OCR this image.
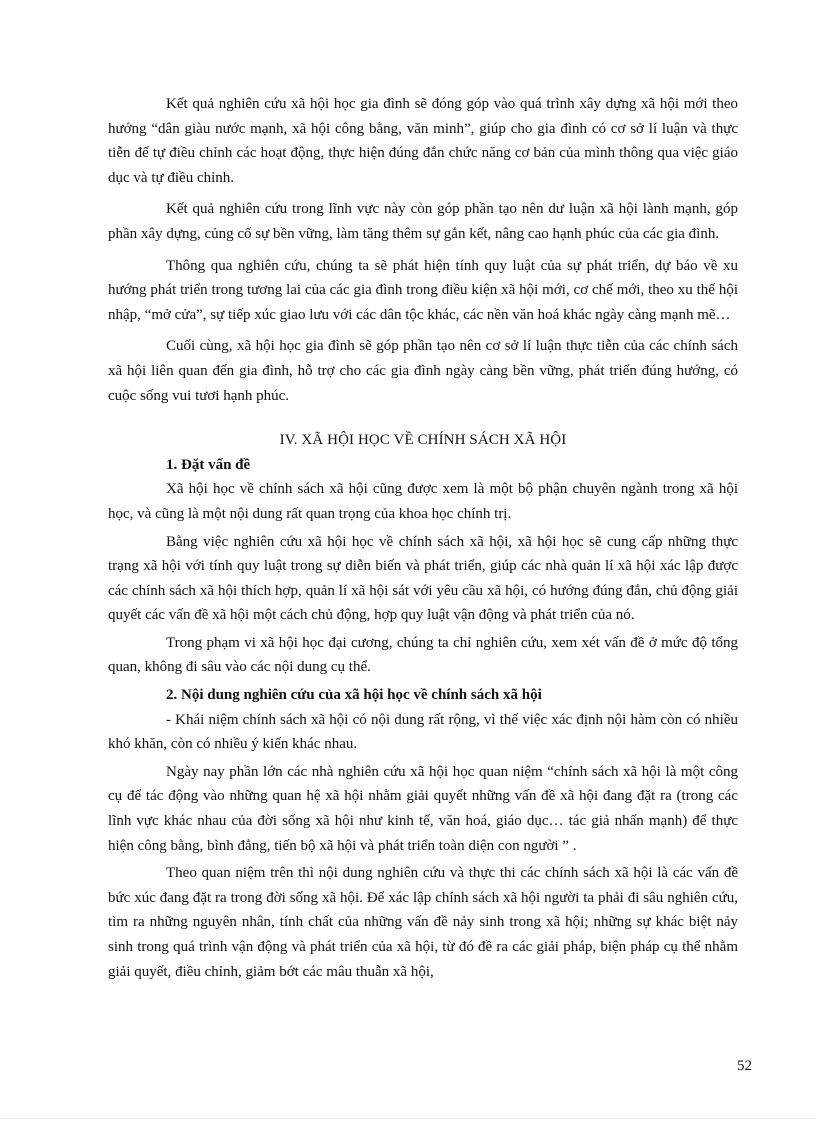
Kết quả nghiên cứu xã hội học gia đình sẽ đóng góp vào quá trình xây dựng xã hội mới theo hướng “dân giàu nước mạnh, xã hội công bằng, văn minh”, giúp cho gia đình có cơ sở lí luận và thực tiễn để tự điều chỉnh các hoạt động, thực hiện đúng đắn chức năng cơ bản của mình thông qua việc giáo dục và tự điều chỉnh.

Kết quả nghiên cứu trong lĩnh vực này còn góp phần tạo nên dư luận xã hội lành mạnh, góp phần xây dựng, củng cố sự bền vững, làm tăng thêm sự gắn kết, nâng cao hạnh phúc của các gia đình.

Thông qua nghiên cứu, chúng ta sẽ phát hiện tính quy luật của sự phát triển, dự báo về xu hướng phát triển trong tương lai của các gia đình trong điều kiện xã hội mới, cơ chế mới, theo xu thế hội nhập, “mở cửa”, sự tiếp xúc giao lưu với các dân tộc khác, các nền văn hoá khác ngày càng mạnh mẽ…

Cuối cùng, xã hội học gia đình sẽ góp phần tạo nên cơ sở lí luận thực tiễn của các chính sách xã hội liên quan đến gia đình, hỗ trợ cho các gia đình ngày càng bền vững, phát triển đúng hướng, có cuộc sống vui tươi hạnh phúc.

IV. XÃ HỘI HỌC VỀ CHÍNH SÁCH XÃ HỘI
1. Đặt vấn đề

Xã hội học về chính sách xã hội cũng được xem là một bộ phận chuyên ngành trong xã hội học, và cũng là một nội dung rất quan trọng của khoa học chính trị.

Bằng việc nghiên cứu xã hội học về chính sách xã hội, xã hội học sẽ cung cấp những thực trạng xã hội với tính quy luật trong sự diễn biến và phát triển, giúp các nhà quản lí xã hội xác lập được các chính sách xã hội thích hợp, quản lí xã hội sát với yêu cầu xã hội, có hướng đúng đắn, chủ động giải quyết các vấn đề xã hội một cách chủ động, hợp quy luật vận động và phát triển của nó.

Trong phạm vi xã hội học đại cương, chúng ta chỉ nghiên cứu, xem xét vấn đề ở mức độ tổng quan, không đi sâu vào các nội dung cụ thể.

2. Nội dung nghiên cứu của xã hội học về chính sách xã hội

- Khái niệm chính sách xã hội có nội dung rất rộng, vì thế việc xác định nội hàm còn có nhiều khó khăn, còn có nhiều ý kiến khác nhau.

Ngày nay phần lớn các nhà nghiên cứu xã hội học quan niệm “chính sách xã hội là một công cụ để tác động vào những quan hệ xã hội nhằm giải quyết những vấn đề xã hội đang đặt ra (trong các lĩnh vực khác nhau của đời sống xã hội như kinh tế, văn hoá, giáo dục… tác giả nhấn mạnh) để thực hiện công bằng, bình đẳng, tiến bộ xã hội và phát triển toàn diện con người ” .

Theo quan niệm trên thì nội dung nghiên cứu và thực thi các chính sách xã hội là các vấn đề bức xúc đang đặt ra trong đời sống xã hội. Để xác lập chính sách xã hội người ta phải đi sâu nghiên cứu, tìm ra những nguyên nhân, tính chất của những vấn đề nảy sinh trong xã hội; những sự khác biệt nảy sinh trong quá trình vận động và phát triển của xã hội, từ đó đề ra các giải pháp, biện pháp cụ thể nhằm giải quyết, điều chỉnh, giảm bớt các mâu thuẫn xã hội,

52
